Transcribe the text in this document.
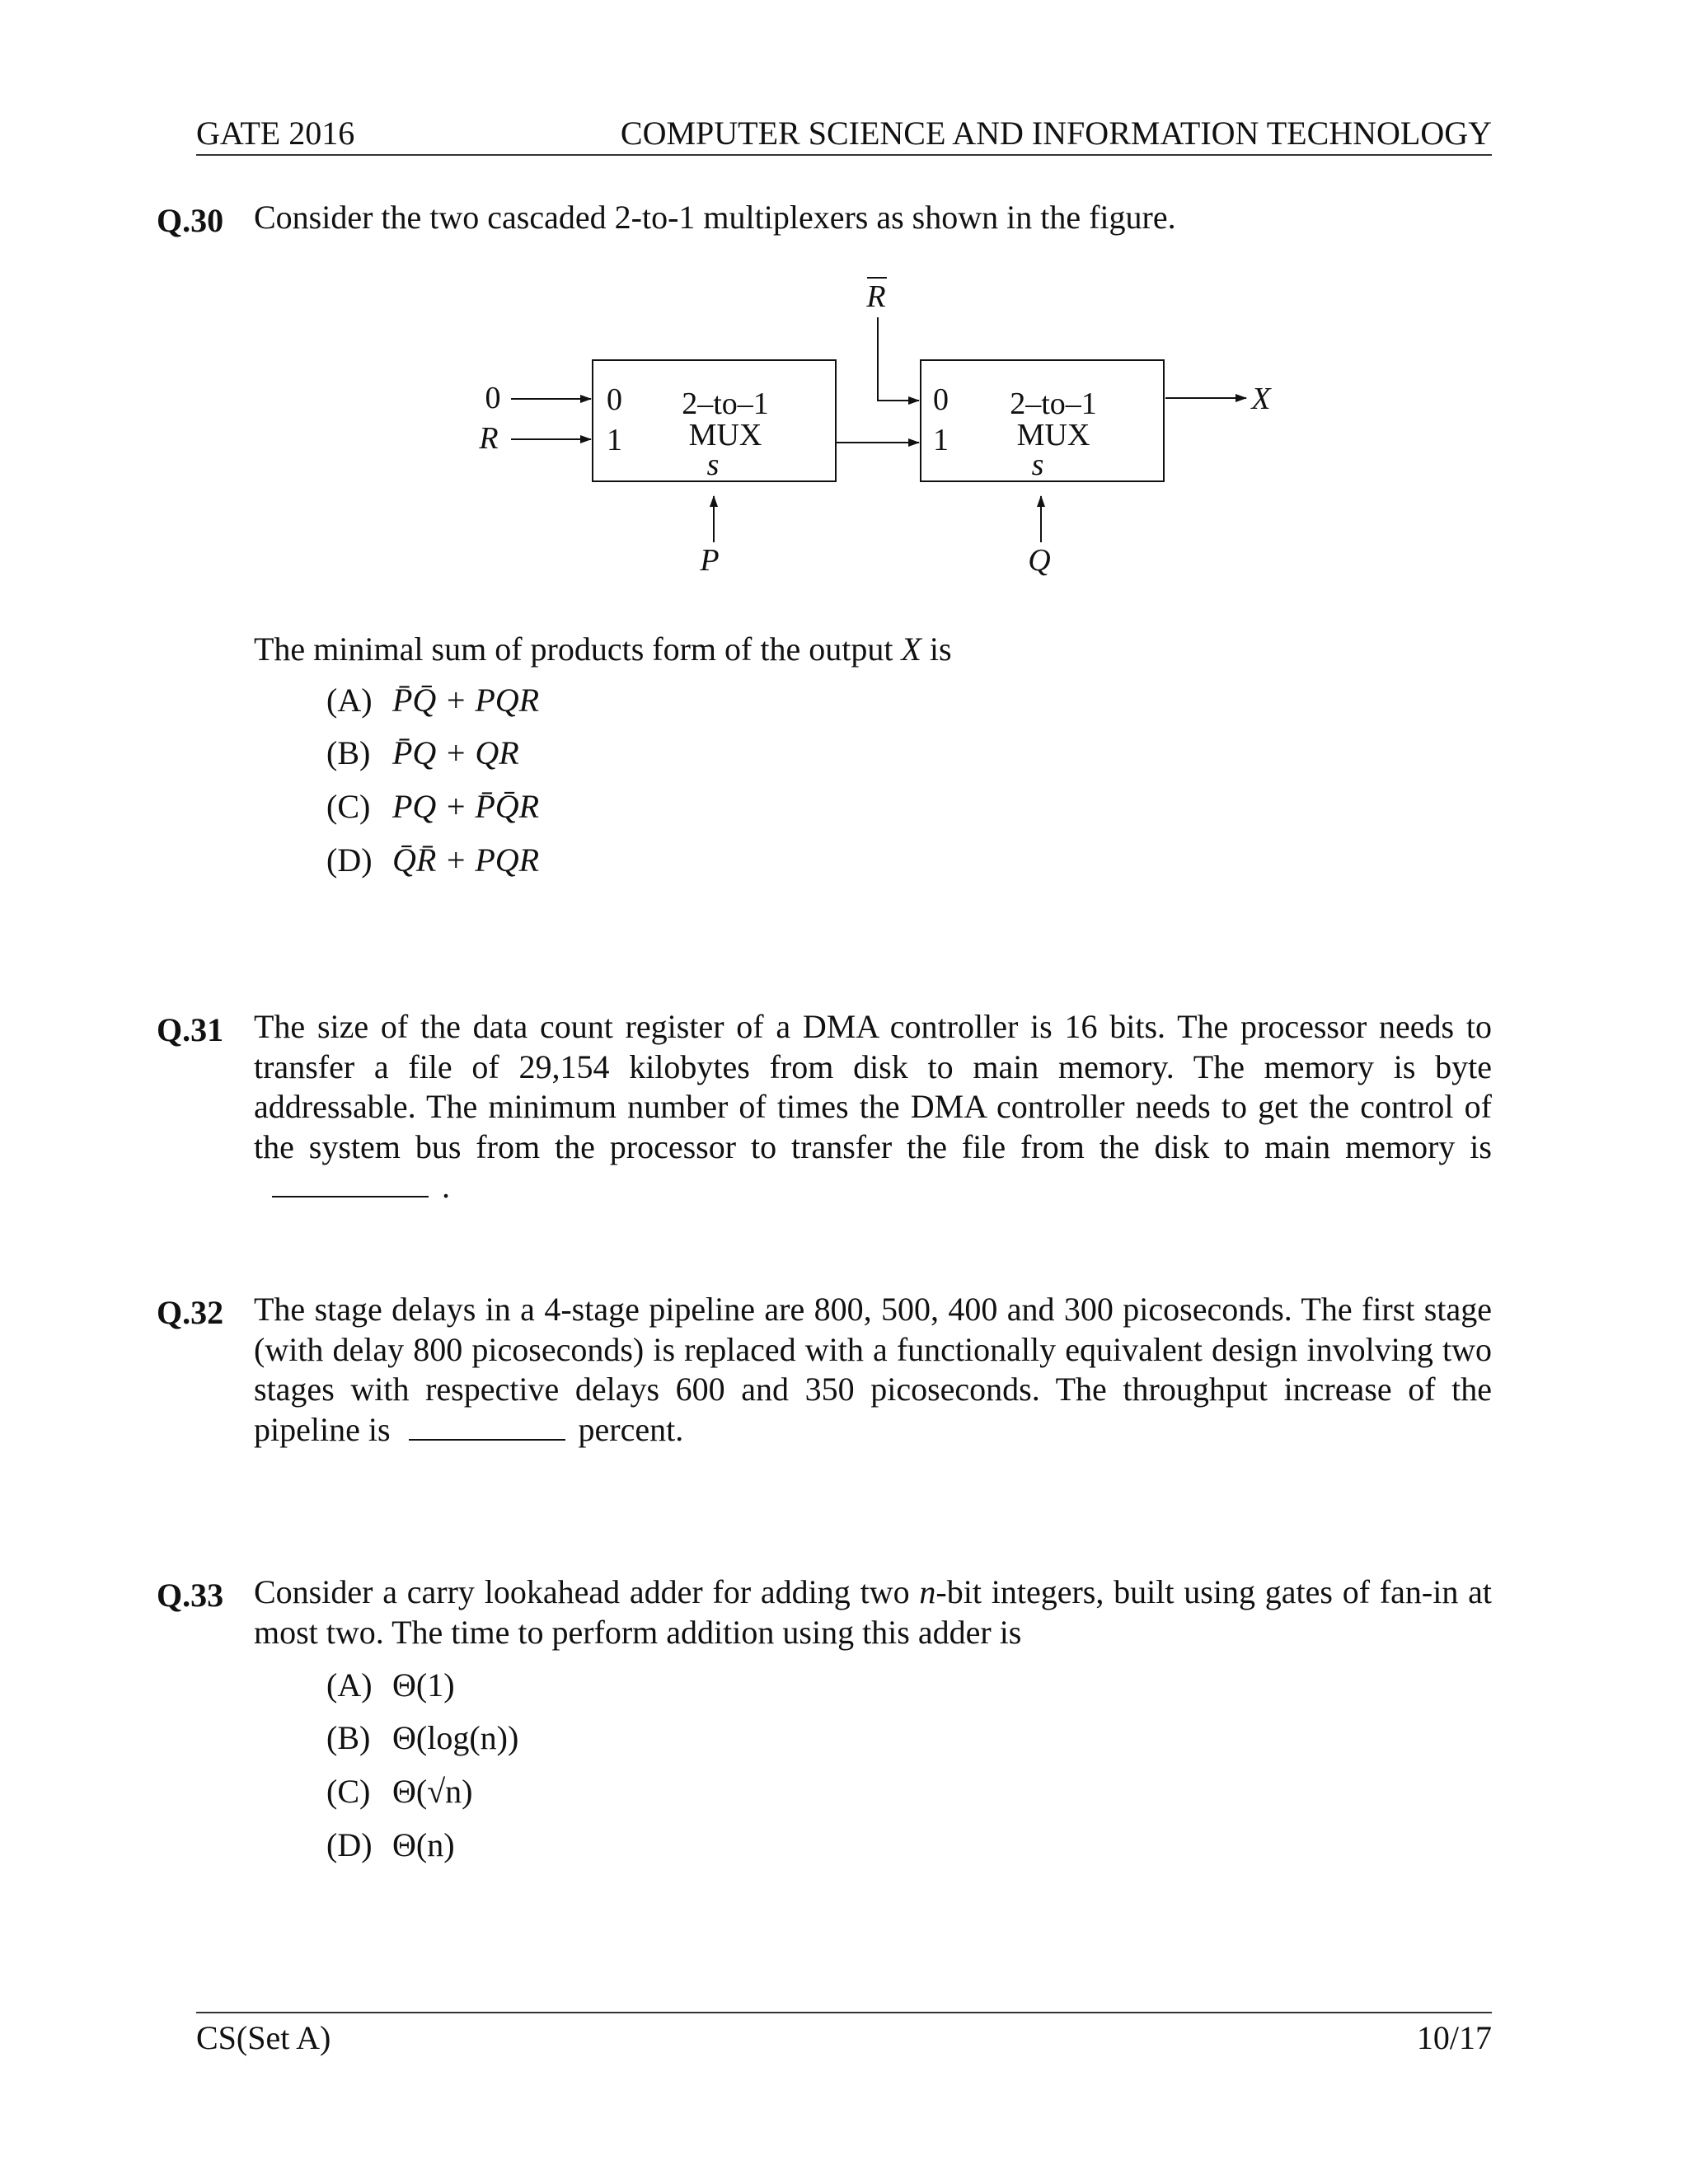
GATE 2016	COMPUTER SCIENCE AND INFORMATION TECHNOLOGY
Q.30 Consider the two cascaded 2-to-1 multiplexers as shown in the figure.
R
0
R
0
1
2–to–1
MUX
s
P
0
1
2–to–1
MUX
s
Q
X
The minimal sum of products form of the output X is
(A) P̄Q̄ + PQR
(B) P̄Q + QR
(C) PQ + P̄Q̄R
(D) Q̄R̄ + PQR
Q.31 The size of the data count register of a DMA controller is 16 bits. The processor needs to transfer a file of 29,154 kilobytes from disk to main memory. The memory is byte addressable. The minimum number of times the DMA controller needs to get the control of the system bus from the processor to transfer the file from the disk to main memory is.
Q.32 The stage delays in a 4-stage pipeline are 800, 500, 400 and 300 picoseconds. The first stage (with delay 800 picoseconds) is replaced with a functionally equivalent design involving two stages with respective delays 600 and 350 picoseconds. The throughput increase of the pipeline is	percent.
Q.33 Consider a carry lookahead adder for adding two n-bit integers, built using gates of fan-in at most two. The time to perform addition using this adder is
(A) Θ(1)
(B) Θ(log(n))
(C) Θ(√n)
(D) Θ(n)
CS(Set A)	10/17
